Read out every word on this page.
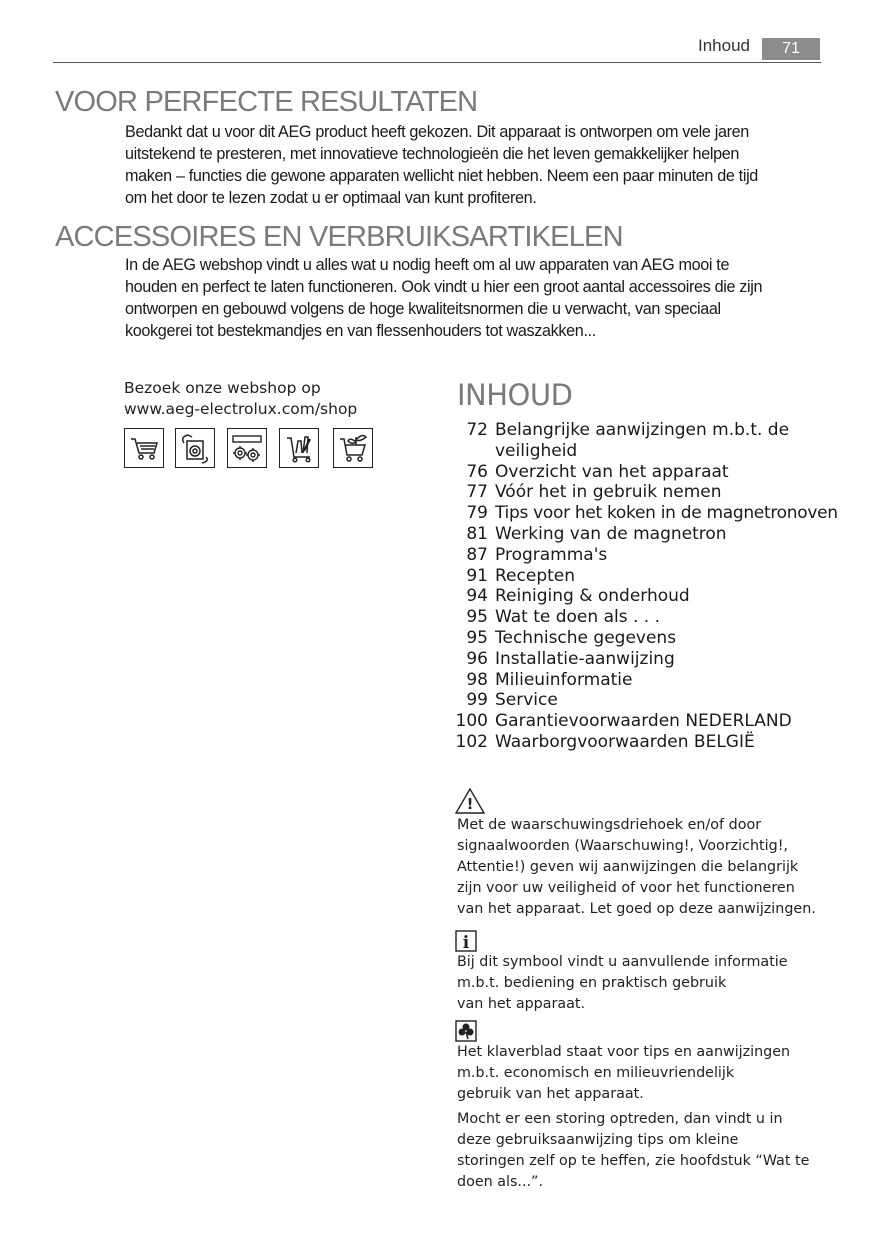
Inhoud	71
VOOR PERFECTE RESULTATEN
Bedankt dat u voor dit AEG product heeft gekozen. Dit apparaat is ontworpen om vele jaren
uitstekend te presteren, met innovatieve technologieën die het leven gemakkelijker helpen
maken – functies die gewone apparaten wellicht niet hebben. Neem een paar minuten de tijd
om het door te lezen zodat u er optimaal van kunt profiteren.
ACCESSOIRES EN VERBRUIKSARTIKELEN
In de AEG webshop vindt u alles wat u nodig heeft om al uw apparaten van AEG mooi te
houden en perfect te laten functioneren. Ook vindt u hier een groot aantal accessoires die zijn
ontworpen en gebouwd volgens de hoge kwaliteitsnormen die u verwacht, van speciaal
kookgerei tot bestekmandjes en van flessenhouders tot waszakken...
Bezoek onze webshop op
www.aeg-electrolux.com/shop	INHOUD
72 Belangrijke aanwijzingen m.b.t. de veiligheid
76 Overzicht van het apparaat
77 Vóór het in gebruik nemen
79 Tips voor het koken in de magnetronoven
81 Werking van de magnetron
87 Programma's
91 Recepten
94 Reiniging & onderhoud
95 Wat te doen als . . .
95 Technische gegevens
96 Installatie-aanwijzing
98 Milieuinformatie
99 Service
100 Garantievoorwaarden NEDERLAND
102 Waarborgvoorwaarden BELGIË
!
Met de waarschuwingsdriehoek en/of door
signaalwoorden (Waarschuwing!, Voorzichtig!,
Attentie!) geven wij aanwijzingen die belangrijk
zijn voor uw veiligheid of voor het functioneren
van het apparaat. Let goed op deze aanwijzingen.
i
Bij dit symbool vindt u aanvullende informatie
m.b.t. bediening en praktisch gebruik
van het apparaat.
Het klaverblad staat voor tips en aanwijzingen
m.b.t. economisch en milieuvriendelijk
gebruik van het apparaat.
Mocht er een storing optreden, dan vindt u in
deze gebruiksaanwijzing tips om kleine
storingen zelf op te heffen, zie hoofdstuk “Wat te
doen als...”.
